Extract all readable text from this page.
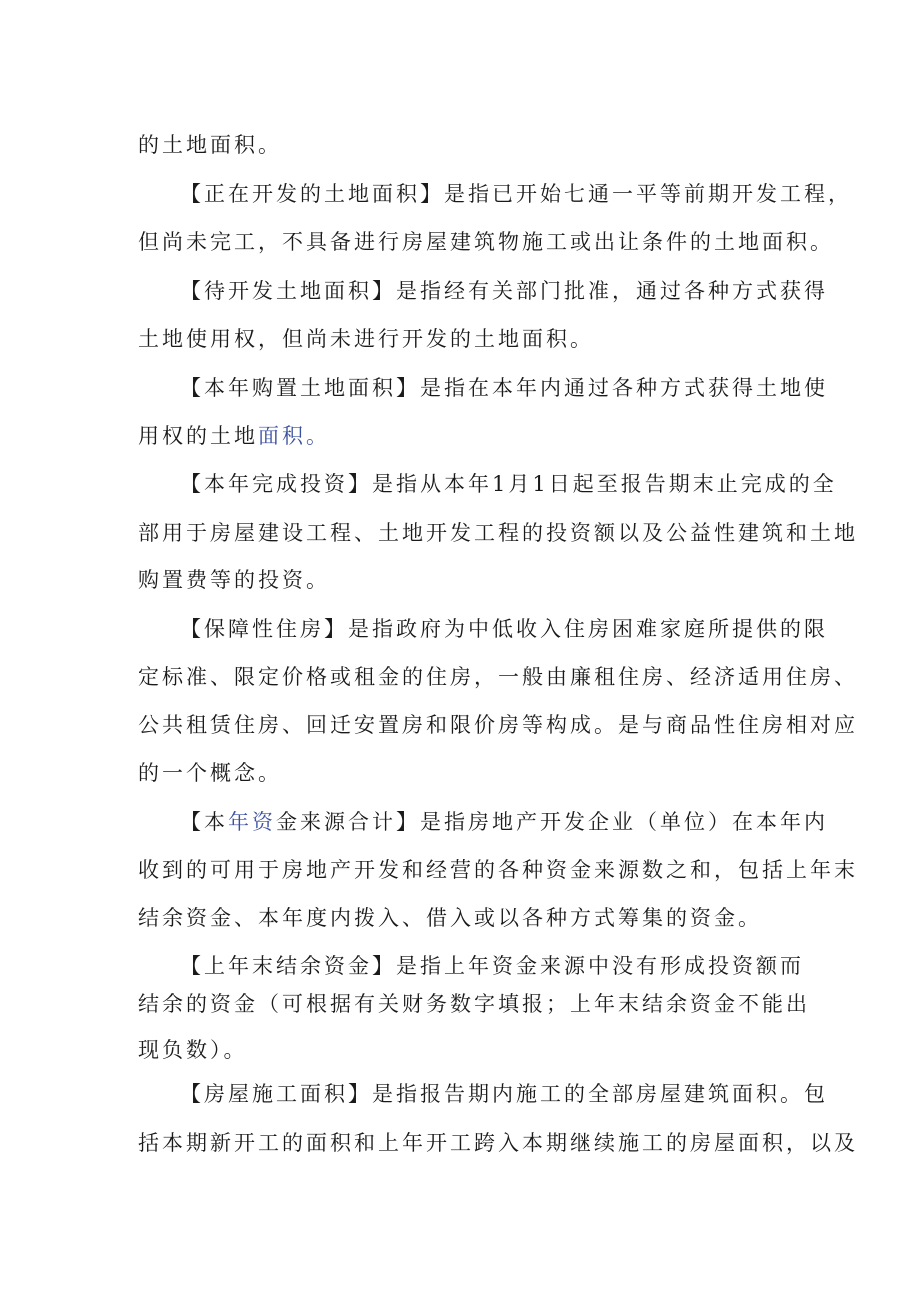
的土地面积。
【正在开发的土地面积】是指已开始七通一平等前期开发工程，
但尚未完工，不具备进行房屋建筑物施工或出让条件的土地面积。
【待开发土地面积】是指经有关部门批准，通过各种方式获得
土地使用权，但尚未进行开发的土地面积。
【本年购置土地面积】是指在本年内通过各种方式获得土地使
用权的土地面积。
【本年完成投资】是指从本年1月1日起至报告期末止完成的全
部用于房屋建设工程、土地开发工程的投资额以及公益性建筑和土地
购置费等的投资。
【保障性住房】是指政府为中低收入住房困难家庭所提供的限
定标准、限定价格或租金的住房，一般由廉租住房、经济适用住房、
公共租赁住房、回迁安置房和限价房等构成。是与商品性住房相对应
的一个概念。
【本年资金来源合计】是指房地产开发企业（单位）在本年内
收到的可用于房地产开发和经营的各种资金来源数之和，包括上年末
结余资金、本年度内拨入、借入或以各种方式筹集的资金。
【上年末结余资金】是指上年资金来源中没有形成投资额而
结余的资金（可根据有关财务数字填报；上年末结余资金不能出
现负数）。
【房屋施工面积】是指报告期内施工的全部房屋建筑面积。包
括本期新开工的面积和上年开工跨入本期继续施工的房屋面积，以及
